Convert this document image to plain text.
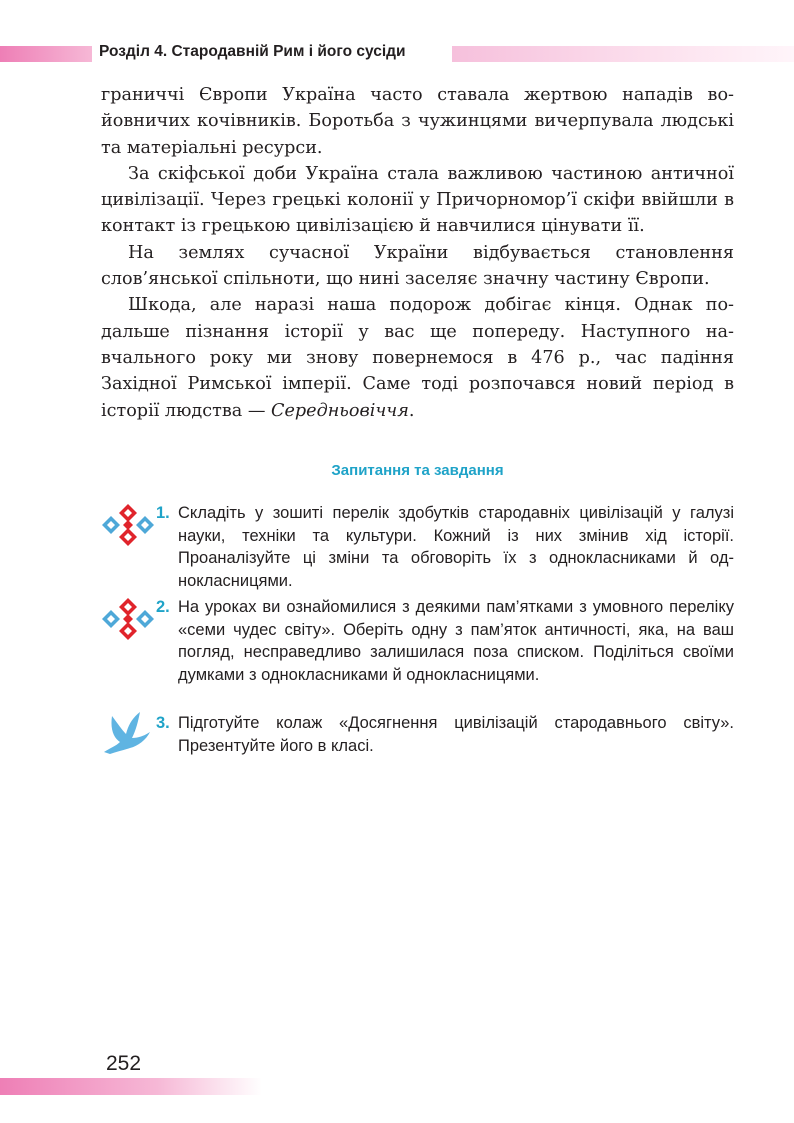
Розділ 4. Стародавній Рим і його сусіди

граниччі Європи Україна часто ставала жертвою нападів войовничих кочівників. Боротьба з чужинцями вичерпувала людські та матеріальні ресурси.

За скіфської доби Україна стала важливою частиною античної цивілізації. Через грецькі колонії у Причорномор’ї скіфи ввійшли в контакт із грецькою цивілізацією й навчилися цінувати її.

На землях сучасної України відбувається становлення слов’янської спільноти, що нині заселяє значну частину Європи.

Шкода, але наразі наша подорож добігає кінця. Однак подальше пізнання історії у вас ще попереду. Наступного навчального року ми знову повернемося в 476 р., час падіння Західної Римської імперії. Саме тоді розпочався новий період в історії людства — Середньовіччя.

Запитання та завдання
1. Складіть у зошиті перелік здобутків стародавніх цивілізацій у галузі науки, техніки та культури. Кожний із них змінив хід історії. Проаналізуйте ці зміни та обговоріть їх з однокласниками й однокласницями.
2. На уроках ви ознайомилися з деякими пам’ятками з умовного переліку «семи чудес світу». Оберіть одну з пам’яток античності, яка, на ваш погляд, несправедливо залишилася поза списком. Поділіться своїми думками з однокласниками й однокласницями.
3. Підготуйте колаж «Досягнення цивілізацій стародавнього світу». Презентуйте його в класі.
252
